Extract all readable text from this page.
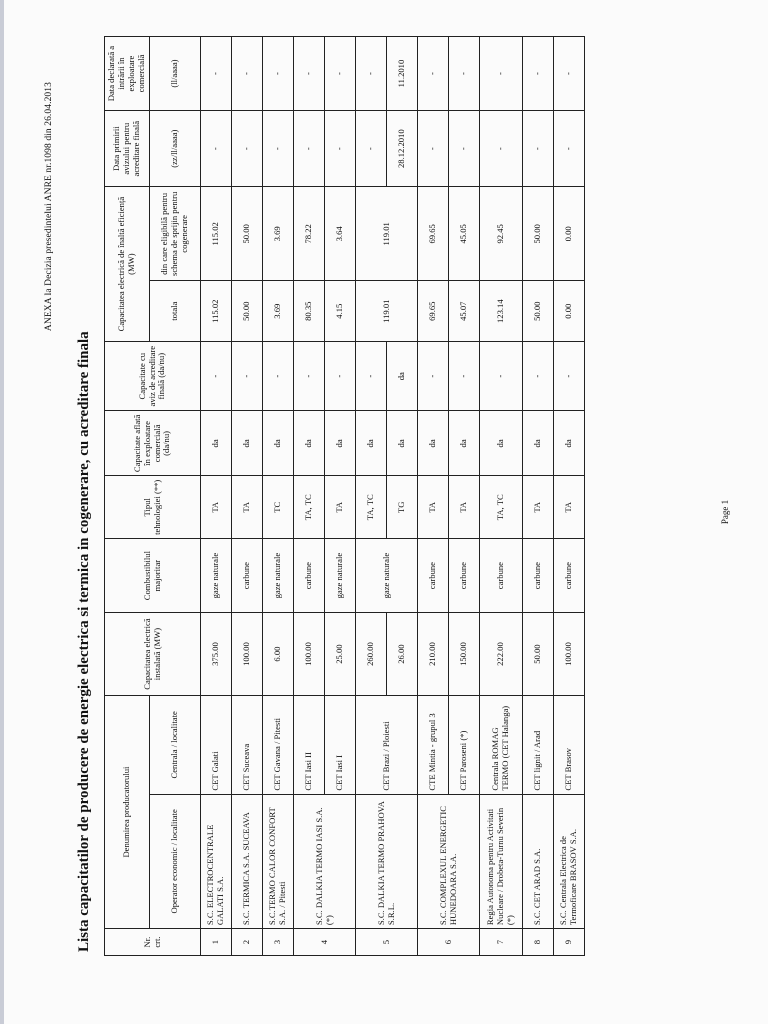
ANEXA la Decizia presedintelui ANRE nr.1098 din 26.04.2013
Lista capacitatilor de producere de energie electrica si termica in cogenerare, cu acreditare finala	Nr. crt.	Denumirea producatorului		Capacitatea electrică instalată (MW)	Combustibilul majoritar	Tipul tehnologiei (**)	Capacitate aflată în exploatare comercială (da/nu)	Capacitate cu aviz de acreditare finală (da/nu)	Capacitatea electrică de înaltă eficiență (MW)		Data primirii avizului pentru acreditare finală	Data declarată a intrării în exploatare comercială
	Operator economic / localitate	Centrala / localitate						totala	din care eligibilă pentru schema de sprijin pentru cogenerare	(zz/ll/aaaa)	(ll/aaaa)
1	S.C. ELECTROCENTRALE GALATI S.A.	CET Galati	375.00	gaze naturale	TA	da	-	115.02	115.02	-	-
2	S.C. TERMICA S.A. SUCEAVA	CET Suceava	100.00	carbune	TA	da	-	50.00	50.00	-	-
3	S.C.TERMO CALOR CONFORT S.A. / Pitesti	CET Gavana / Pitesti	6.00	gaze naturale	TC	da	-	3.69	3.69	-	-
4	S.C. DALKIA TERMO IASI S.A. (*)	CET Iasi II	100.00	carbune	TA, TC	da	-	80.35	78.22	-	-
		CET Iasi I	25.00	gaze naturale	TA	da	-	4.15	3.64	-	-
5	S.C. DALKIA TERMO PRAHOVA S.R.L.	CET Brazi / Ploiesti	260.00	gaze naturale	TA, TC	da	-	119.01	119.01	-	-
			26.00		TG	da	da			28.12.2010	11.2010
6	S.C. COMPLEXUL ENERGETIC HUNEDOARA S.A.	CTE Mintia - grupul 3	210.00	carbune	TA	da	-	69.65	69.65	-	-
		CET Paroseni (*)	150.00	carbune	TA	da	-	45.07	45.05	-	-
7	Regia Autonoma pentru Activitati Nucleare / Drobeta-Turnu Severin (*)	Centrala ROMAG TERMO (CET Halanga)	222.00	carbune	TA, TC	da	-	123.14	92.45	-	-
8	S.C. CET ARAD S.A.	CET lignit / Arad	50.00	carbune	TA	da	-	50.00	50.00	-	-
9	S.C. Centrala Electrica de Termoficare BRASOV S.A.	CET Brasov	100.00	carbune	TA	da	-	0.00	0.00	-	-
Page 1
